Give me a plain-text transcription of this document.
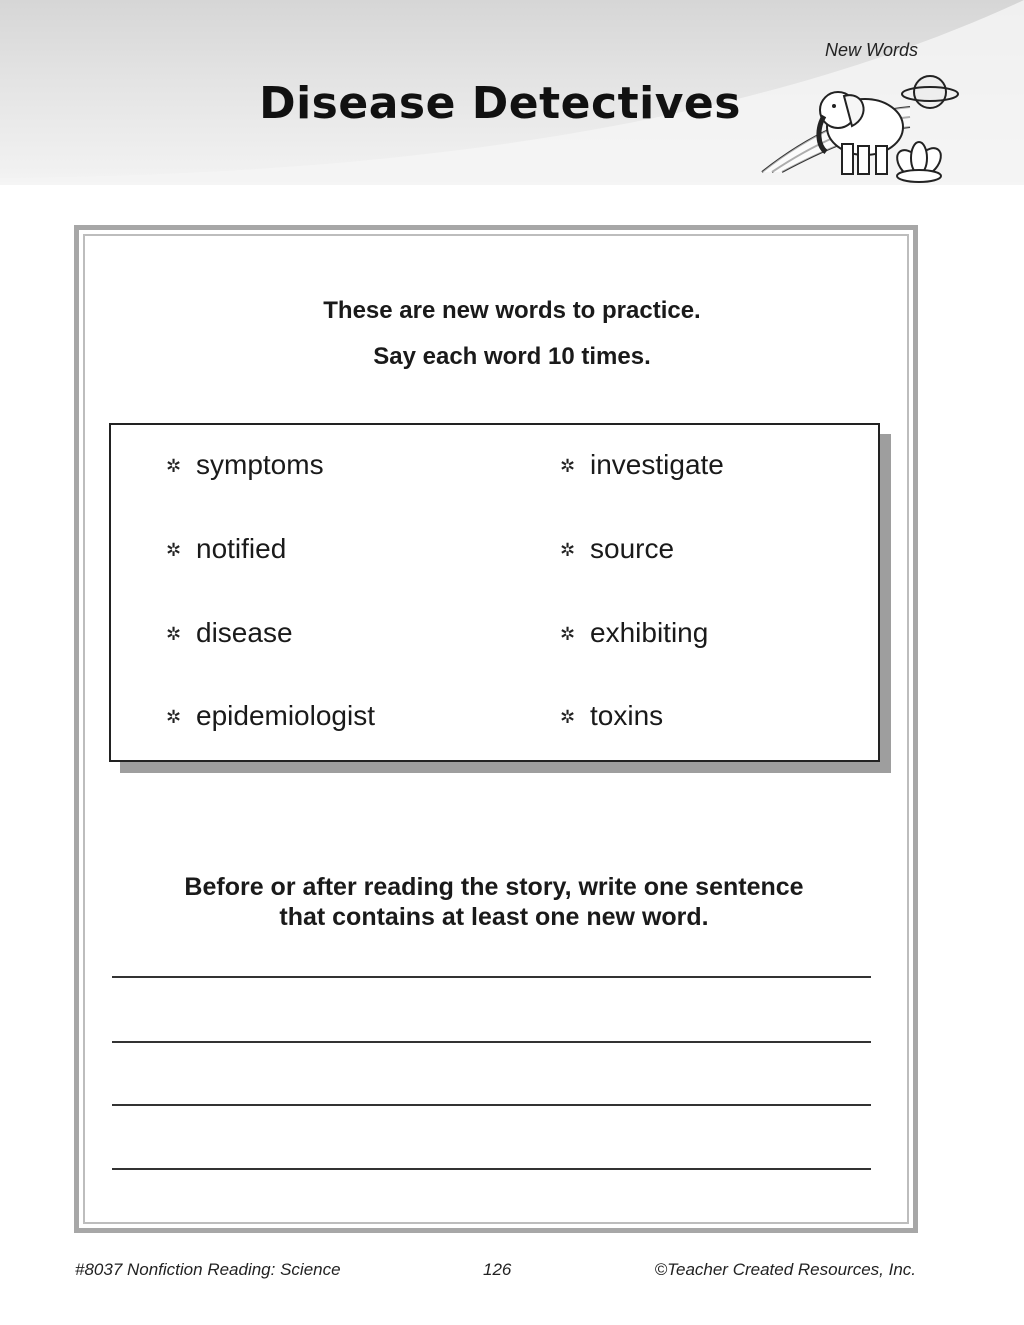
New Words
Disease Detectives
These are new words to practice.
Say each word 10 times.
✲ symptoms
✲ notified
✲ disease
✲ epidemiologist
✲ investigate
✲ source
✲ exhibiting
✲ toxins
Before or after reading the story, write one sentence
that contains at least one new word.
#8037 Nonfiction Reading: Science	126	©Teacher Created Resources, Inc.
